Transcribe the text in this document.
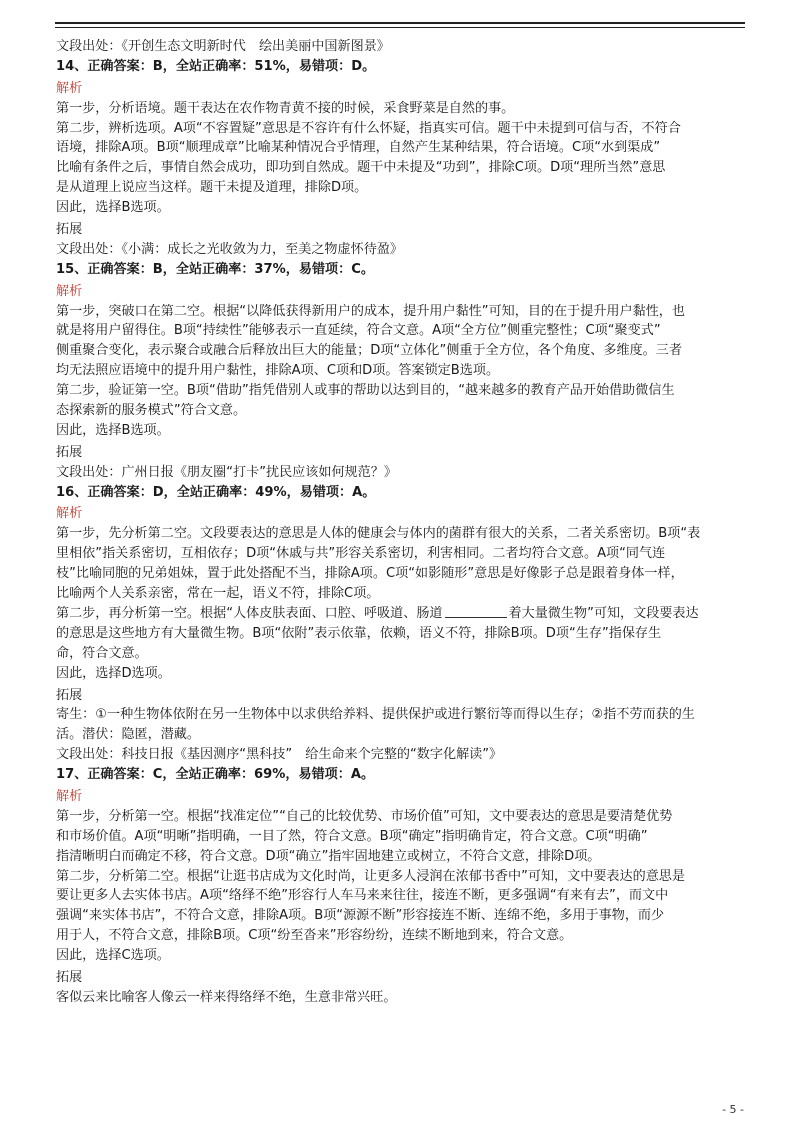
文段出处：《开创生态文明新时代　绘出美丽中国新图景》
14、正确答案：B，全站正确率：51%，易错项：D。
解析
第一步，分析语境。题干表达在农作物青黄不接的时候，采食野菜是自然的事。
第二步，辨析选项。A项“不容置疑”意思是不容许有什么怀疑，指真实可信。题干中未提到可信与否，不符合
语境，排除A项。B项“顺理成章”比喻某种情况合乎情理，自然产生某种结果，符合语境。C项“水到渠成”
比喻有条件之后，事情自然会成功，即功到自然成。题干中未提及“功到”，排除C项。D项“理所当然”意思
是从道理上说应当这样。题干未提及道理，排除D项。
因此，选择B选项。
拓展
文段出处：《小满：成长之光收敛为力，至美之物虚怀待盈》
15、正确答案：B，全站正确率：37%，易错项：C。
解析
第一步，突破口在第二空。根据“以降低获得新用户的成本，提升用户黏性”可知，目的在于提升用户黏性，也
就是将用户留得住。B项“持续性”能够表示一直延续，符合文意。A项“全方位”侧重完整性；C项“聚变式”
侧重聚合变化，表示聚合或融合后释放出巨大的能量；D项“立体化”侧重于全方位，各个角度、多维度。三者
均无法照应语境中的提升用户黏性，排除A项、C项和D项。答案锁定B选项。
第二步，验证第一空。B项“借助”指凭借别人或事的帮助以达到目的，“越来越多的教育产品开始借助微信生
态探索新的服务模式”符合文意。
因此，选择B选项。
拓展
文段出处：广州日报《朋友圈“打卡”扰民应该如何规范？》
16、正确答案：D，全站正确率：49%，易错项：A。
解析
第一步，先分析第二空。文段要表达的意思是人体的健康会与体内的菌群有很大的关系，二者关系密切。B项“表
里相依”指关系密切，互相依存；D项“休戚与共”形容关系密切，利害相同。二者均符合文意。A项“同气连
枝”比喻同胞的兄弟姐妹，置于此处搭配不当，排除A项。C项“如影随形”意思是好像影子总是跟着身体一样，
比喻两个人关系亲密，常在一起，语义不符，排除C项。
第二步，再分析第一空。根据“人体皮肤表面、口腔、呼吸道、肠道	着大量微生物”可知，文段要表达
的意思是这些地方有大量微生物。B项“依附”表示依靠，依赖，语义不符，排除B项。D项“生存”指保存生
命，符合文意。
因此，选择D选项。
拓展
寄生：①一种生物体依附在另一生物体中以求供给养料、提供保护或进行繁衍等而得以生存；②指不劳而获的生
活。潜伏：隐匿，潜藏。
文段出处：科技日报《基因测序“黑科技”　给生命来个完整的“数字化解读”》
17、正确答案：C，全站正确率：69%，易错项：A。
解析
第一步，分析第一空。根据“找准定位”“自己的比较优势、市场价值”可知，文中要表达的意思是要清楚优势
和市场价值。A项“明晰”指明确，一目了然，符合文意。B项“确定”指明确肯定，符合文意。C项“明确”
指清晰明白而确定不移，符合文意。D项“确立”指牢固地建立或树立，不符合文意，排除D项。
第二步，分析第二空。根据“让逛书店成为文化时尚，让更多人浸润在浓郁书香中”可知，文中要表达的意思是
要让更多人去实体书店。A项“络绎不绝”形容行人车马来来往往，接连不断，更多强调“有来有去”，而文中
强调“来实体书店”，不符合文意，排除A项。B项“源源不断”形容接连不断、连绵不绝，多用于事物，而少
用于人，不符合文意，排除B项。C项“纷至沓来”形容纷纷，连续不断地到来，符合文意。
因此，选择C选项。
拓展
客似云来比喻客人像云一样来得络绎不绝，生意非常兴旺。
- 5 -
